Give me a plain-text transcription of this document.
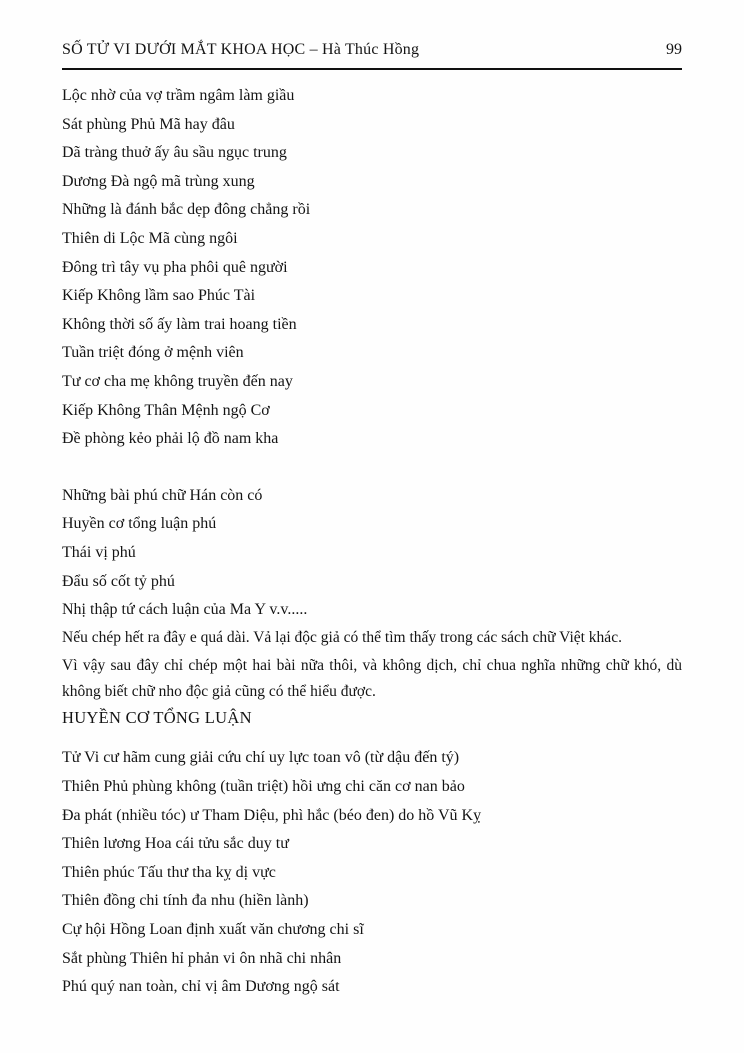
SỐ TỬ VI DƯỚI MẮT KHOA HỌC – Hà Thúc Hồng	99
Lộc nhờ của vợ trầm ngâm làm giầu
Sát phùng Phủ Mã hay đâu
Dã tràng thuở ấy âu sầu ngục trung
Dương Đà ngộ mã trùng xung
Những là đánh bắc dẹp đông chẳng rồi
Thiên di Lộc Mã cùng ngôi
Đông trì tây vụ pha phôi quê người
Kiếp Không lầm sao Phúc Tài
Không thời số ấy làm trai hoang tiền
Tuần triệt đóng ở mệnh viên
Tư cơ cha mẹ không truyền đến nay
Kiếp Không Thân Mệnh ngộ Cơ
Đề phòng kẻo phải lộ đồ nam kha
Những bài phú chữ Hán còn có
Huyền cơ tổng luận phú
Thái vị phú
Đẩu số cốt tỷ phú
Nhị thập tứ cách luận của Ma Y v.v.....

Nếu chép hết ra đây e quá dài. Vả lại độc giả có thể tìm thấy trong các sách chữ Việt khác.

Vì vậy sau đây chỉ chép một hai bài nữa thôi, và không dịch, chỉ chua nghĩa những chữ khó, dù không biết chữ nho độc giả cũng có thể hiểu được.

HUYỀN CƠ TỔNG LUẬN
Tử Vi cư hãm cung giải cứu chí uy lực toan vô (từ dậu đến tý)
Thiên Phủ phùng không (tuần triệt) hồi ưng chi căn cơ nan bảo
Đa phát (nhiều tóc) ư Tham Diệu, phì hắc (béo đen) do hồ Vũ Kỵ
Thiên lương Hoa cái tửu sắc duy tư
Thiên phúc Tấu thư tha kỵ dị vực
Thiên đồng chi tính đa nhu (hiền lành)
Cự hội Hồng Loan định xuất văn chương chi sĩ
Sắt phùng Thiên hỉ phản vi ôn nhã chi nhân
Phú quý nan toàn, chỉ vị âm Dương ngộ sát
